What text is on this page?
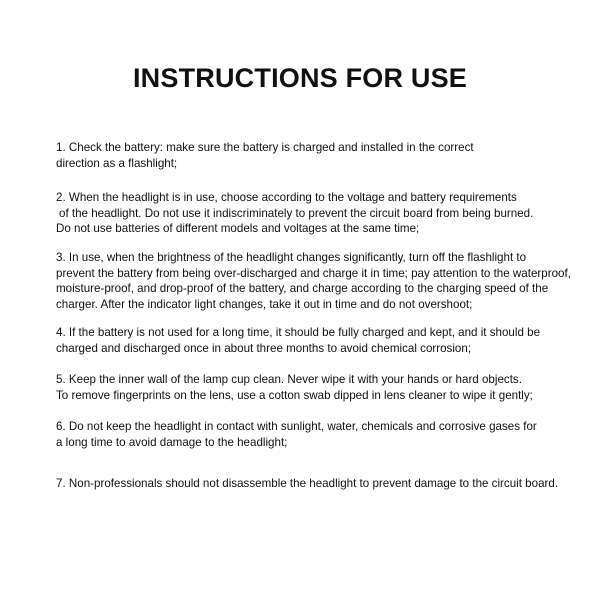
INSTRUCTIONS FOR USE
1. Check the battery: make sure the battery is charged and installed in the correct
direction as a flashlight;
2. When the headlight is in use, choose according to the voltage and battery requirements
of the headlight. Do not use it indiscriminately to prevent the circuit board from being burned.
Do not use batteries of different models and voltages at the same time;
3. In use, when the brightness of the headlight changes significantly, turn off the flashlight to
prevent the battery from being over-discharged and charge it in time; pay attention to the waterproof,
moisture-proof, and drop-proof of the battery, and charge according to the charging speed of the
charger. After the indicator light changes, take it out in time and do not overshoot;
4. If the battery is not used for a long time, it should be fully charged and kept, and it should be
charged and discharged once in about three months to avoid chemical corrosion;
5. Keep the inner wall of the lamp cup clean. Never wipe it with your hands or hard objects.
To remove fingerprints on the lens, use a cotton swab dipped in lens cleaner to wipe it gently;
6. Do not keep the headlight in contact with sunlight, water, chemicals and corrosive gases for
a long time to avoid damage to the headlight;
7. Non-professionals should not disassemble the headlight to prevent damage to the circuit board.
